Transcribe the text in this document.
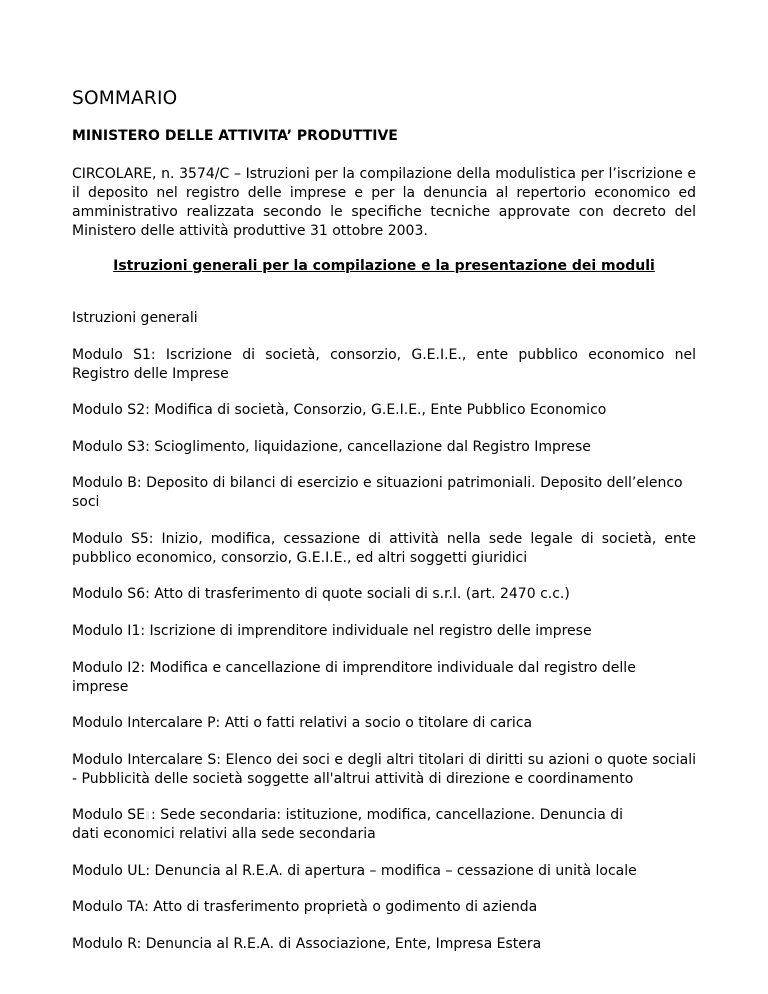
SOMMARIO
MINISTERO DELLE ATTIVITA’ PRODUTTIVE

CIRCOLARE, n. 3574/C – Istruzioni per la compilazione della modulistica per l’iscrizione e il deposito nel registro delle imprese e per la denuncia al repertorio economico ed amministrativo realizzata secondo le specifiche tecniche approvate con decreto del Ministero delle attività produttive 31 ottobre 2003.

Istruzioni generali per la compilazione e la presentazione dei moduli

Istruzioni generali

Modulo S1: Iscrizione di società, consorzio, G.E.I.E., ente pubblico economico nel Registro delle Imprese

Modulo S2: Modifica di società, Consorzio, G.E.I.E., Ente Pubblico Economico

Modulo S3: Scioglimento, liquidazione, cancellazione dal Registro Imprese

Modulo B: Deposito di bilanci di esercizio e situazioni patrimoniali. Deposito dell’elenco soci

Modulo S5: Inizio, modifica, cessazione di attività nella sede legale di società, ente pubblico economico, consorzio, G.E.I.E., ed altri soggetti giuridici

Modulo S6: Atto di trasferimento di quote sociali di s.r.l. (art. 2470 c.c.)

Modulo I1: Iscrizione di imprenditore individuale nel registro delle imprese

Modulo I2: Modifica e cancellazione di imprenditore individuale dal registro delle imprese

Modulo Intercalare P: Atti o fatti relativi a socio o titolare di carica

Modulo Intercalare S: Elenco dei soci e degli altri titolari di diritti su azioni o quote sociali - Pubblicità delle società soggette all'altrui attività di direzione e coordinamento

Modulo SE : Sede secondaria: istituzione, modifica, cancellazione. Denuncia di
dati economici relativi alla sede secondaria

Modulo UL: Denuncia al R.E.A. di apertura – modifica – cessazione di unità locale

Modulo TA: Atto di trasferimento proprietà o godimento di azienda

Modulo R: Denuncia al R.E.A. di Associazione, Ente, Impresa Estera
